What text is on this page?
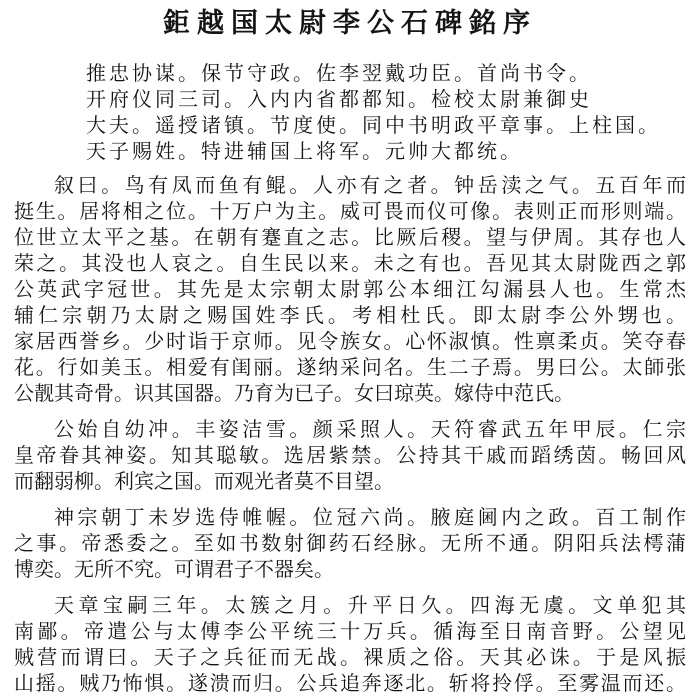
鉅越国太尉李公石碑銘序
推忠协谋。保节守政。佐李翌戴功臣。首尚书令。
开府仪同三司。入内内省都都知。检校太尉兼御史
大夫。遥授诸镇。节度使。同中书明政平章事。上柱国。
天子赐姓。特进辅国上将军。元帅大都统。
叙曰。鸟有凤而鱼有鲲。人亦有之者。钟岳渎之气。五百年而
挺生。居将相之位。十万户为主。威可畏而仪可像。表则正而形则端。
位世立太平之基。在朝有蹇直之志。比厥后稷。望与伊周。其存也人
荣之。其没也人哀之。自生民以来。未之有也。吾见其太尉陇西之郭
公英武字冠世。其先是太宗朝太尉郭公本细江勾漏县人也。生常杰
辅仁宗朝乃太尉之赐国姓李氏。考相杜氏。即太尉李公外甥也。
家居西誉乡。少时诣于京师。见令族女。心怀淑慎。性禀柔贞。笑夺春
花。行如美玉。相爱有闺丽。遂纳采问名。生二子焉。男曰公。太師张
公靓其奇骨。识其国器。乃育为已子。女曰琼英。嫁侍中范氏。
公始自幼冲。丰姿洁雪。颜采照人。天符睿武五年甲辰。仁宗
皇帝眷其神姿。知其聪敏。选居紫禁。公持其干戚而蹈绣茵。畅回风
而翻弱柳。利宾之国。而观光者莫不目望。
神宗朝丁未岁选侍帷幄。位冠六尚。腋庭阃内之政。百工制作
之事。帝悉委之。至如书数射御药石经脉。无所不通。阴阳兵法樗蒲
博奕。无所不究。可谓君子不器矣。
天章宝嗣三年。太簇之月。升平日久。四海无虞。文单犯其
南鄙。帝遣公与太傅李公平统三十万兵。循海至日南音野。公望见
贼营而谓曰。天子之兵征而无战。裸质之俗。天其必诛。于是风振
山摇。贼乃怖惧。遂溃而归。公兵追奔逐北。斩将拎俘。至雾温而还。
